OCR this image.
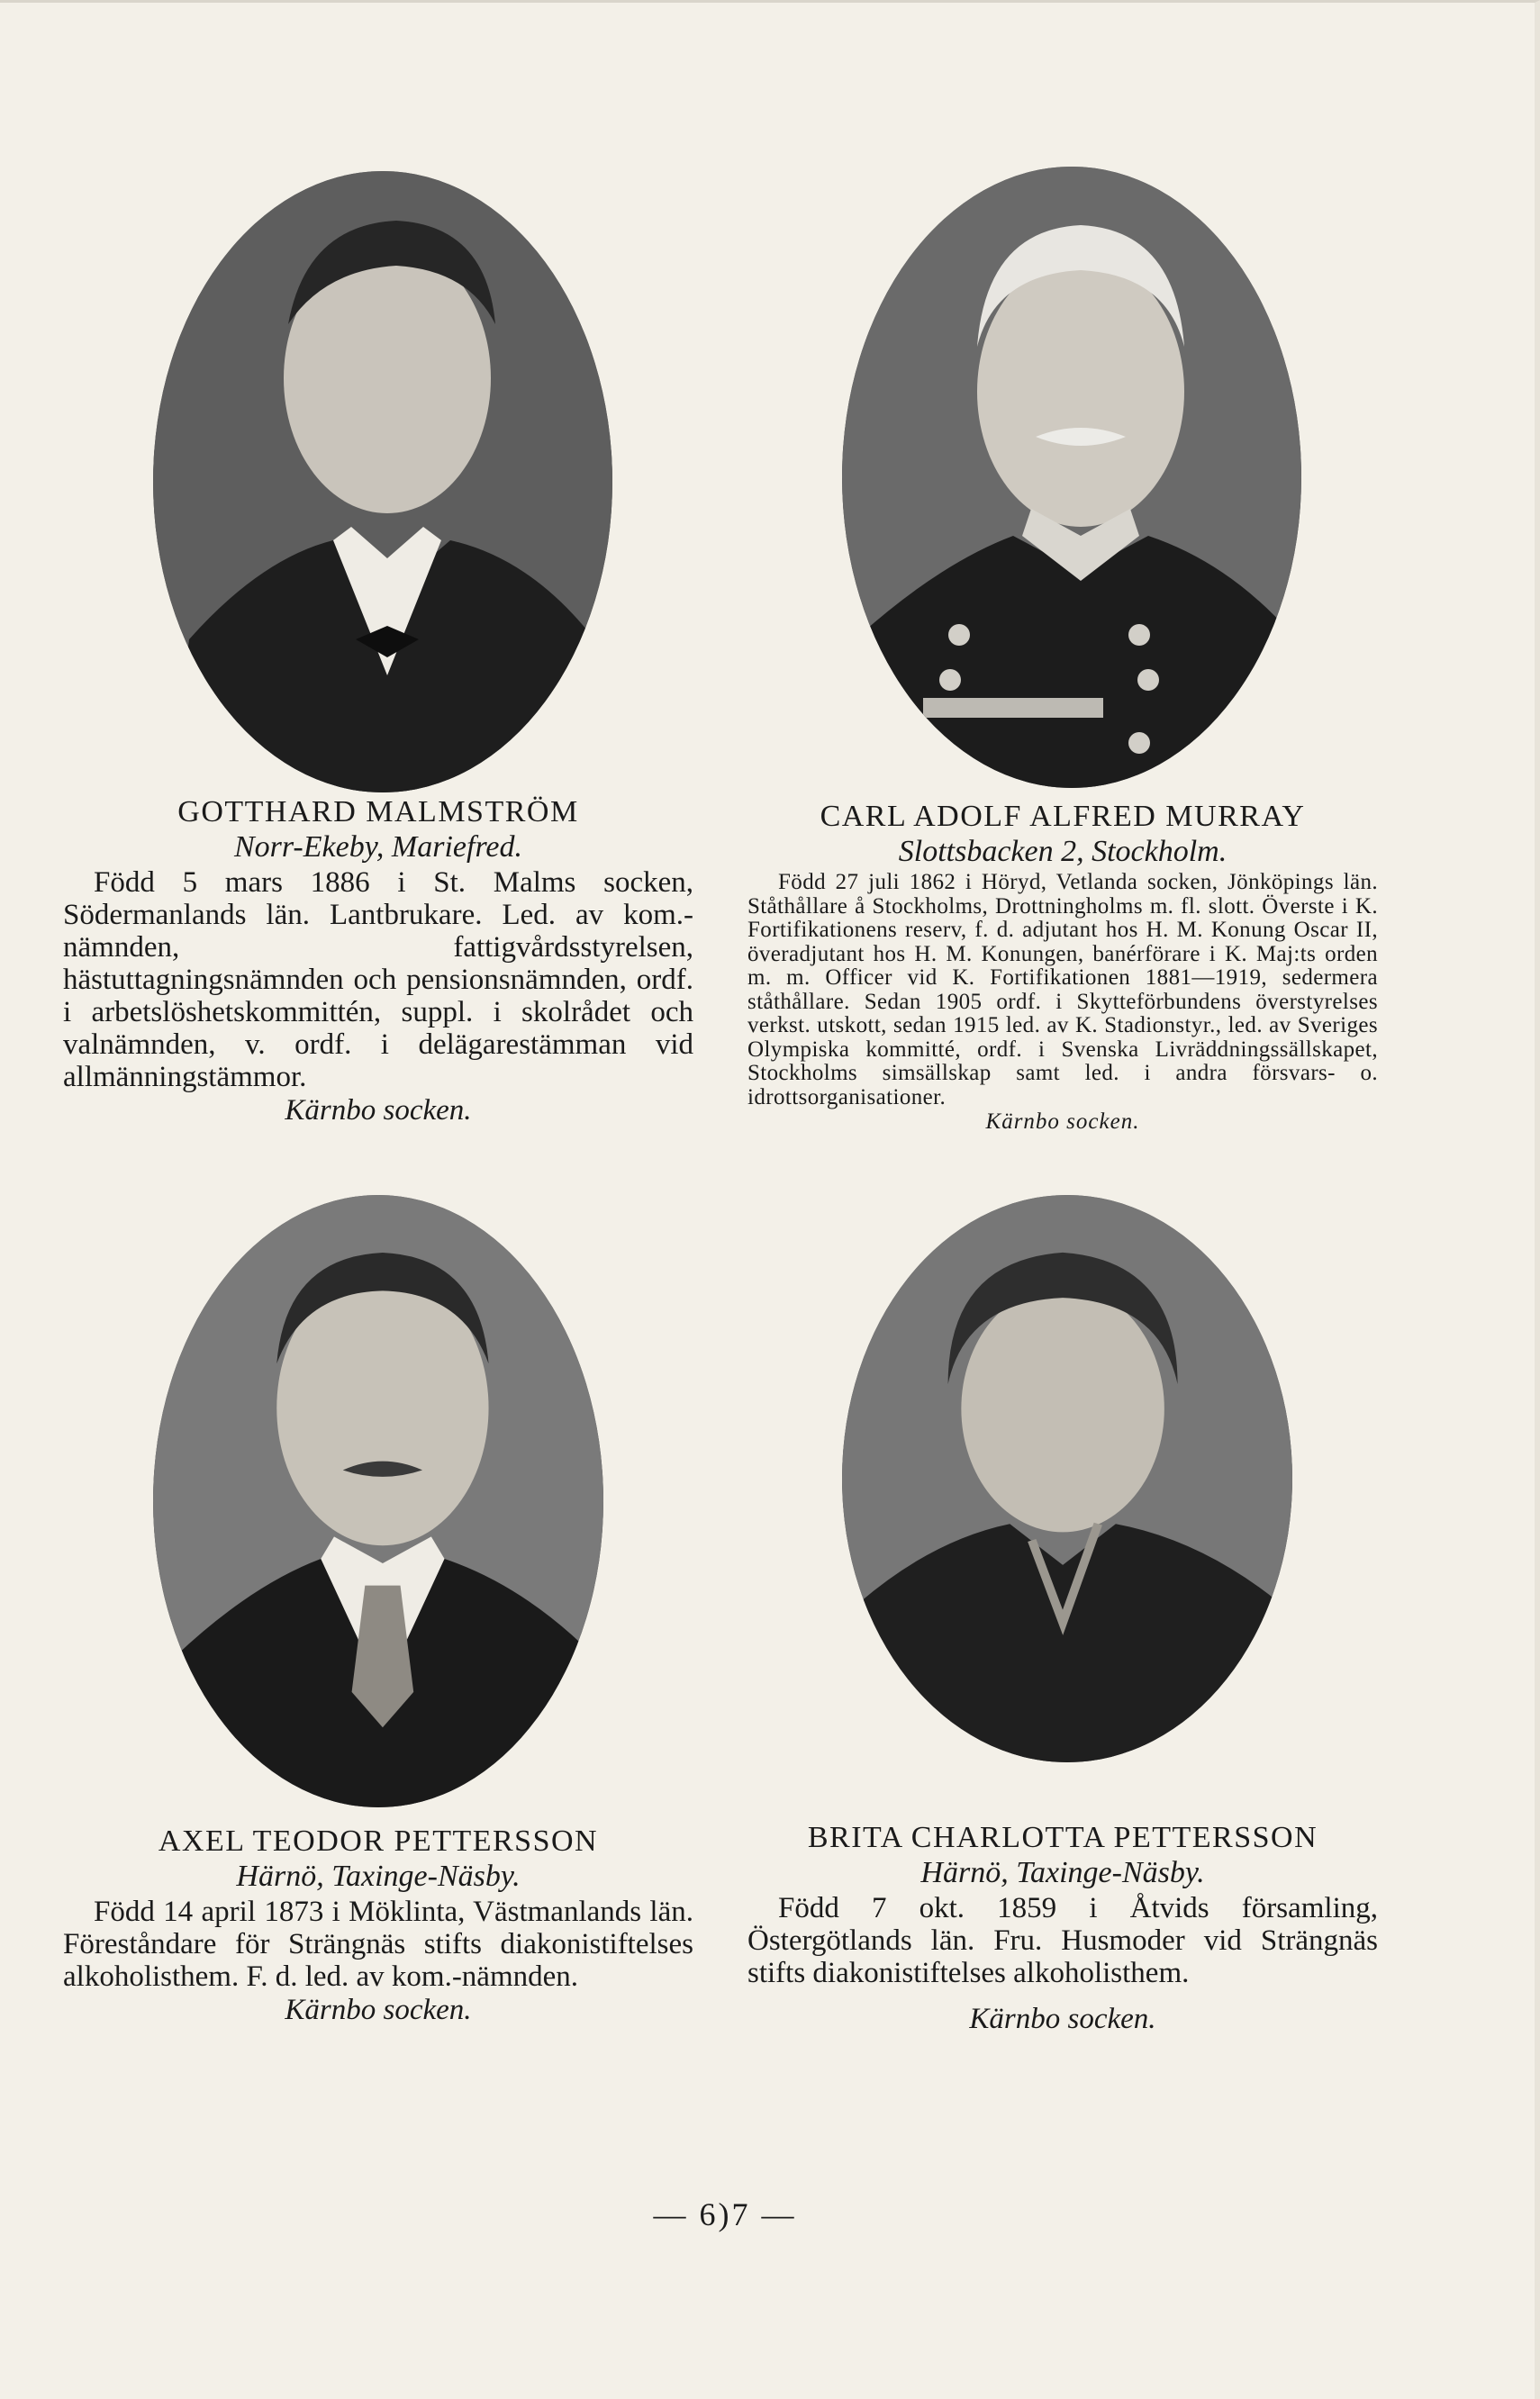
GOTTHARD MALMSTRÖM

Norr-Ekeby, Mariefred.

Född 5 mars 1886 i St. Malms socken, Södermanlands län. Lantbrukare. Led. av kom.-nämnden, fattigvårdsstyrelsen, hästuttagningsnämnden och pensionsnämnden, ordf. i arbetslöshetskommittén, suppl. i skolrådet och valnämnden, v. ordf. i delägarestämman vid allmänningstämmor.

Kärnbo socken.

CARL ADOLF ALFRED MURRAY

Slottsbacken 2, Stockholm.

Född 27 juli 1862 i Höryd, Vetlanda socken, Jönköpings län. Ståthållare å Stockholms, Drottningholms m. fl. slott. Överste i K. Fortifikationens reserv, f. d. adjutant hos H. M. Konung Oscar II, överadjutant hos H. M. Konungen, banérförare i K. Maj:ts orden m. m. Officer vid K. Fortifikationen 1881—1919, sedermera ståthållare. Sedan 1905 ordf. i Skytteförbundens överstyrelses verkst. utskott, sedan 1915 led. av K. Stadionstyr., led. av Sveriges Olympiska kommitté, ordf. i Svenska Livräddningssällskapet, Stockholms simsällskap samt led. i andra försvars- o. idrottsorganisationer.

Kärnbo socken.

AXEL TEODOR PETTERSSON

Härnö, Taxinge-Näsby.

Född 14 april 1873 i Möklinta, Västmanlands län. Föreståndare för Strängnäs stifts diakonistiftelses alkoholisthem. F. d. led. av kom.-nämnden.

Kärnbo socken.

BRITA CHARLOTTA PETTERSSON

Härnö, Taxinge-Näsby.

Född 7 okt. 1859 i Åtvids församling, Östergötlands län. Fru. Husmoder vid Strängnäs stifts diakonistiftelses alkoholisthem.

Kärnbo socken.

— 6)7 —
